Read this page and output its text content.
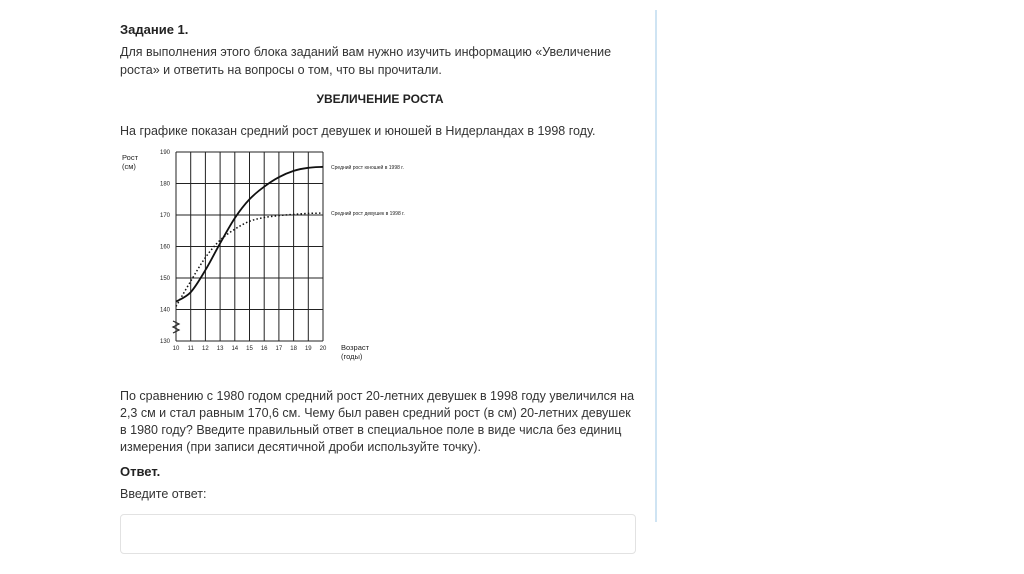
Задание 1.
Для выполнения этого блока заданий вам нужно изучить информацию «Увеличение роста» и ответить на вопросы о том, что вы прочитали.
УВЕЛИЧЕНИЕ РОСТА
На графике показан средний рост девушек и юношей в Нидерландах в 1998 году.
По сравнению с 1980 годом средний рост 20-летних девушек в 1998 году увеличился на 2,3 см и стал равным 170,6 см. Чему был равен средний рост (в см) 20-летних девушек в 1980 году? Введите правильный ответ в специальное поле в виде числа без единиц измерения (при записи десятичной дроби используйте точку).
Ответ.
Введите ответ:
130
140
150
160
170
180
190
10 11 12 13 14 15 16 17 18 19 20
Рост
(см)
Возраст
(годы)
Средний рост юношей в 1998 г.
Средний рост девушек в 1998 г.
